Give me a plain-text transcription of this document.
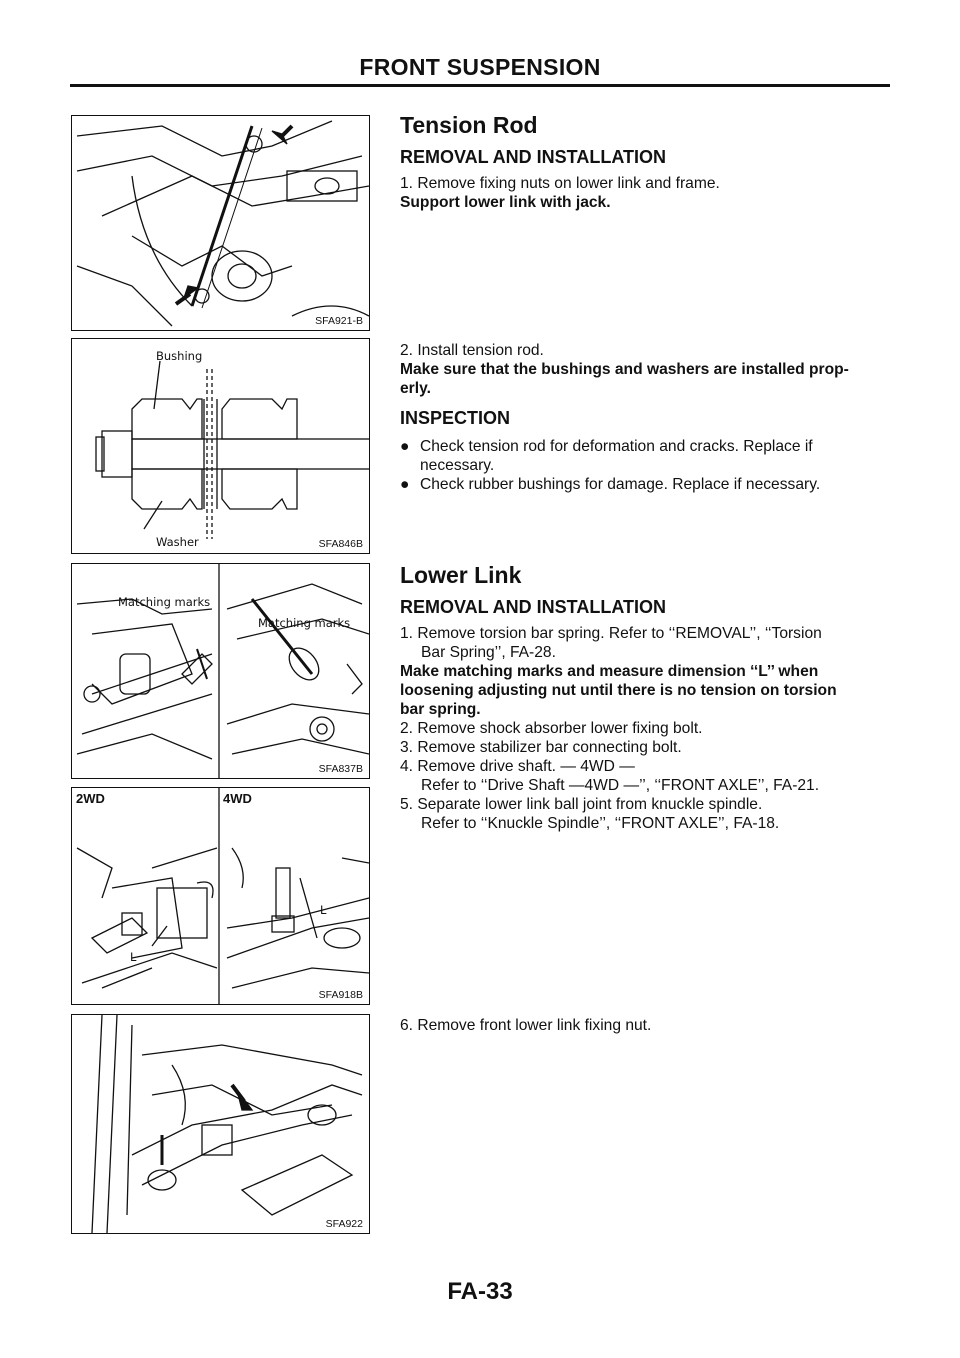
FRONT SUSPENSION
SFA921-B
Bushing
Washer	SFA846B
Matching marks
Matching marks
SFA837B
2WD	4WD
L
L
SFA918B
SFA922
Tension Rod
REMOVAL AND INSTALLATION

1. Remove fixing nuts on lower link and frame.

Support lower link with jack.

2. Install tension rod.

Make sure that the bushings and washers are installed prop-

erly.

INSPECTION
● Check tension rod for deformation and cracks. Replace if
necessary.
● Check rubber bushings for damage. Replace if necessary.
Lower Link
REMOVAL AND INSTALLATION

1. Remove torsion bar spring. Refer to ‘‘REMOVAL’’, ‘‘Torsion

Bar Spring’’, FA-28.

Make matching marks and measure dimension ‘‘L’’ when

loosening adjusting nut until there is no tension on torsion

bar spring.

2. Remove shock absorber lower fixing bolt.

3. Remove stabilizer bar connecting bolt.

4. Remove drive shaft. — 4WD —

Refer to ‘‘Drive Shaft —4WD —’’, ‘‘FRONT AXLE’’, FA-21.

5. Separate lower link ball joint from knuckle spindle.

Refer to ‘‘Knuckle Spindle’’, ‘‘FRONT AXLE’’, FA-18.

6. Remove front lower link fixing nut.

FA-33
